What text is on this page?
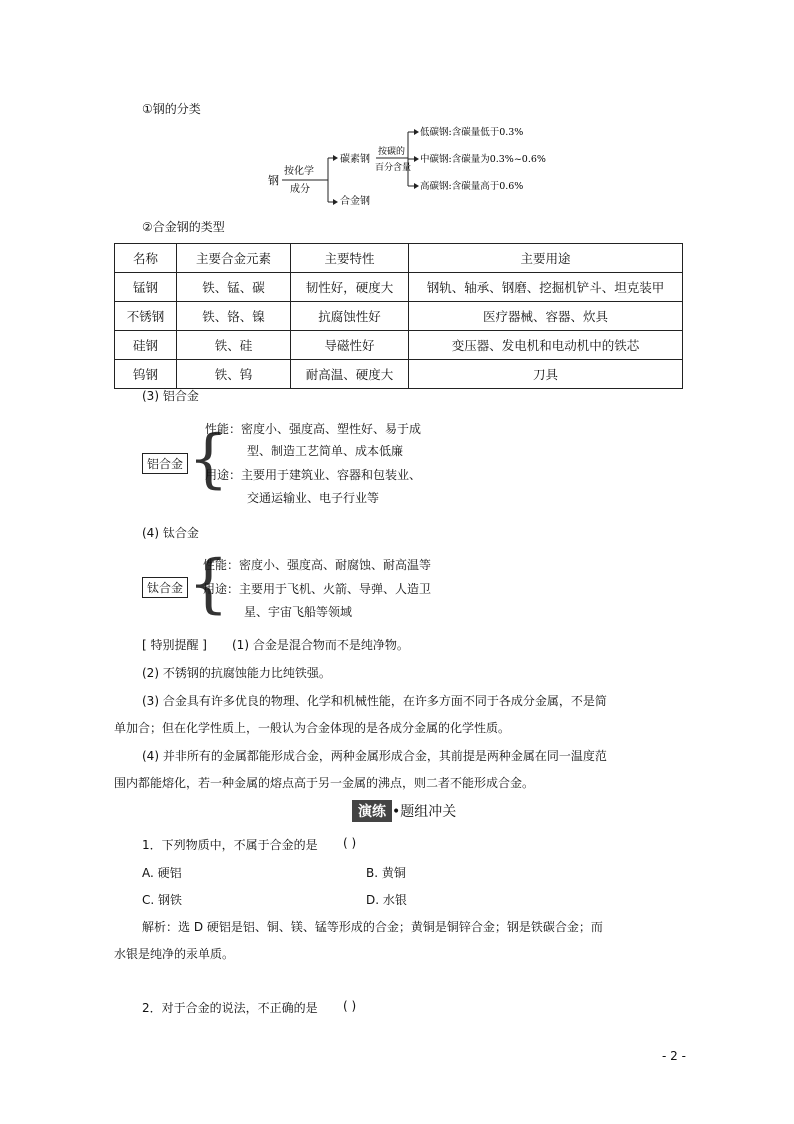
①钢的分类
钢
按化学
成分
碳素钢
合金钢
按碳的
百分含量
低碳钢:含碳量低于0.3%
中碳钢:含碳量为0.3%~0.6%
高碳钢:含碳量高于0.6%
②合金钢的类型
名称	主要合金元素	主要特性	主要用途
锰钢	铁、锰、碳	韧性好，硬度大	钢轨、轴承、钢磨、挖掘机铲斗、坦克装甲
不锈钢	铁、铬、镍	抗腐蚀性好	医疗器械、容器、炊具
硅钢	铁、硅	导磁性好	变压器、发电机和电动机中的铁芯
钨钢	铁、钨	耐高温、硬度大	刀具
(3) 铝合金
铝合金 {
性能：密度小、强度高、塑性好、易于成
型、制造工艺简单、成本低廉
用途：主要用于建筑业、容器和包装业、
交通运输业、电子行业等
(4) 钛合金
钛合金 {
性能：密度小、强度高、耐腐蚀、耐高温等
用途：主要用于飞机、火箭、导弹、人造卫
星、宇宙飞船等领域
[ 特别提醒 ] (1) 合金是混合物而不是纯净物。
(2) 不锈钢的抗腐蚀能力比纯铁强。
(3) 合金具有许多优良的物理、化学和机械性能，在许多方面不同于各成分金属，不是简
单加合；但在化学性质上，一般认为合金体现的是各成分金属的化学性质。
(4) 并非所有的金属都能形成合金，两种金属形成合金，其前提是两种金属在同一温度范
围内都能熔化，若一种金属的熔点高于另一金属的沸点，则二者不能形成合金。
演练 •题组冲关
1．下列物质中，不属于合金的是 ( )
A. 硬铝	B. 黄铜
C. 钢铁	D. 水银
解析：选 D 硬铝是铝、铜、镁、锰等形成的合金；黄铜是铜锌合金；钢是铁碳合金；而
水银是纯净的汞单质。
2．对于合金的说法，不正确的是 ( )
- 2 -
